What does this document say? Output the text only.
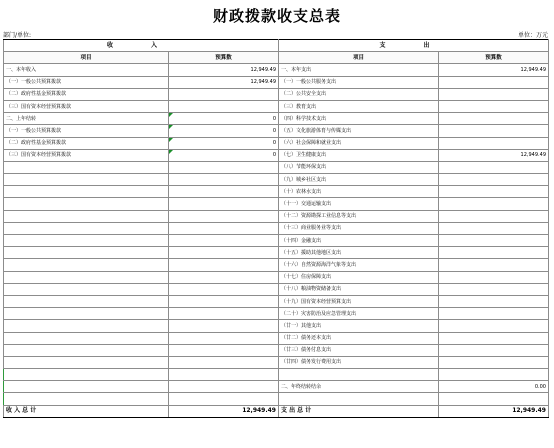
财政拨款收支总表
部门/单位:	单位：万元
收 入		支 出	
项目	预算数	项目	预算数
一、本年收入	12,949.49	一、本年支出	12,949.49
（一）一般公共预算拨款	12,949.49	（一）一般公共服务支出	
（二）政府性基金预算拨款		（二）公共安全支出	
（三）国有资本经营预算拨款		（三）教育支出	
二、上年结转	0	（四）科学技术支出	
（一）一般公共预算拨款	0	（五）文化旅游体育与传媒支出	
（二）政府性基金预算拨款	0	（六）社会保障和就业支出	
（三）国有资本经营预算拨款	0	（七）卫生健康支出	12,949.49
		（八）节能环保支出	
		（九）城乡社区支出	
		（十）农林水支出	
		（十一）交通运输支出	
		（十二）资源勘探工业信息等支出	
		（十三）商业服务业等支出	
		（十四）金融支出	
		（十五）援助其他地区支出	
		（十六）自然资源海洋气象等支出	
		（十七）住房保障支出	
		（十八）粮油物资储备支出	
		（十九）国有资本经营预算支出	
		（二十）灾害防治及应急管理支出	
		（廿一）其他支出	
		（廿二）债务还本支出	
		（廿三）债务付息支出	
		（廿四）债务发行费用支出	

		二、年终结转结余	0.00

收 入 总 计	12,949.49	支 出 总 计	12,949.49
